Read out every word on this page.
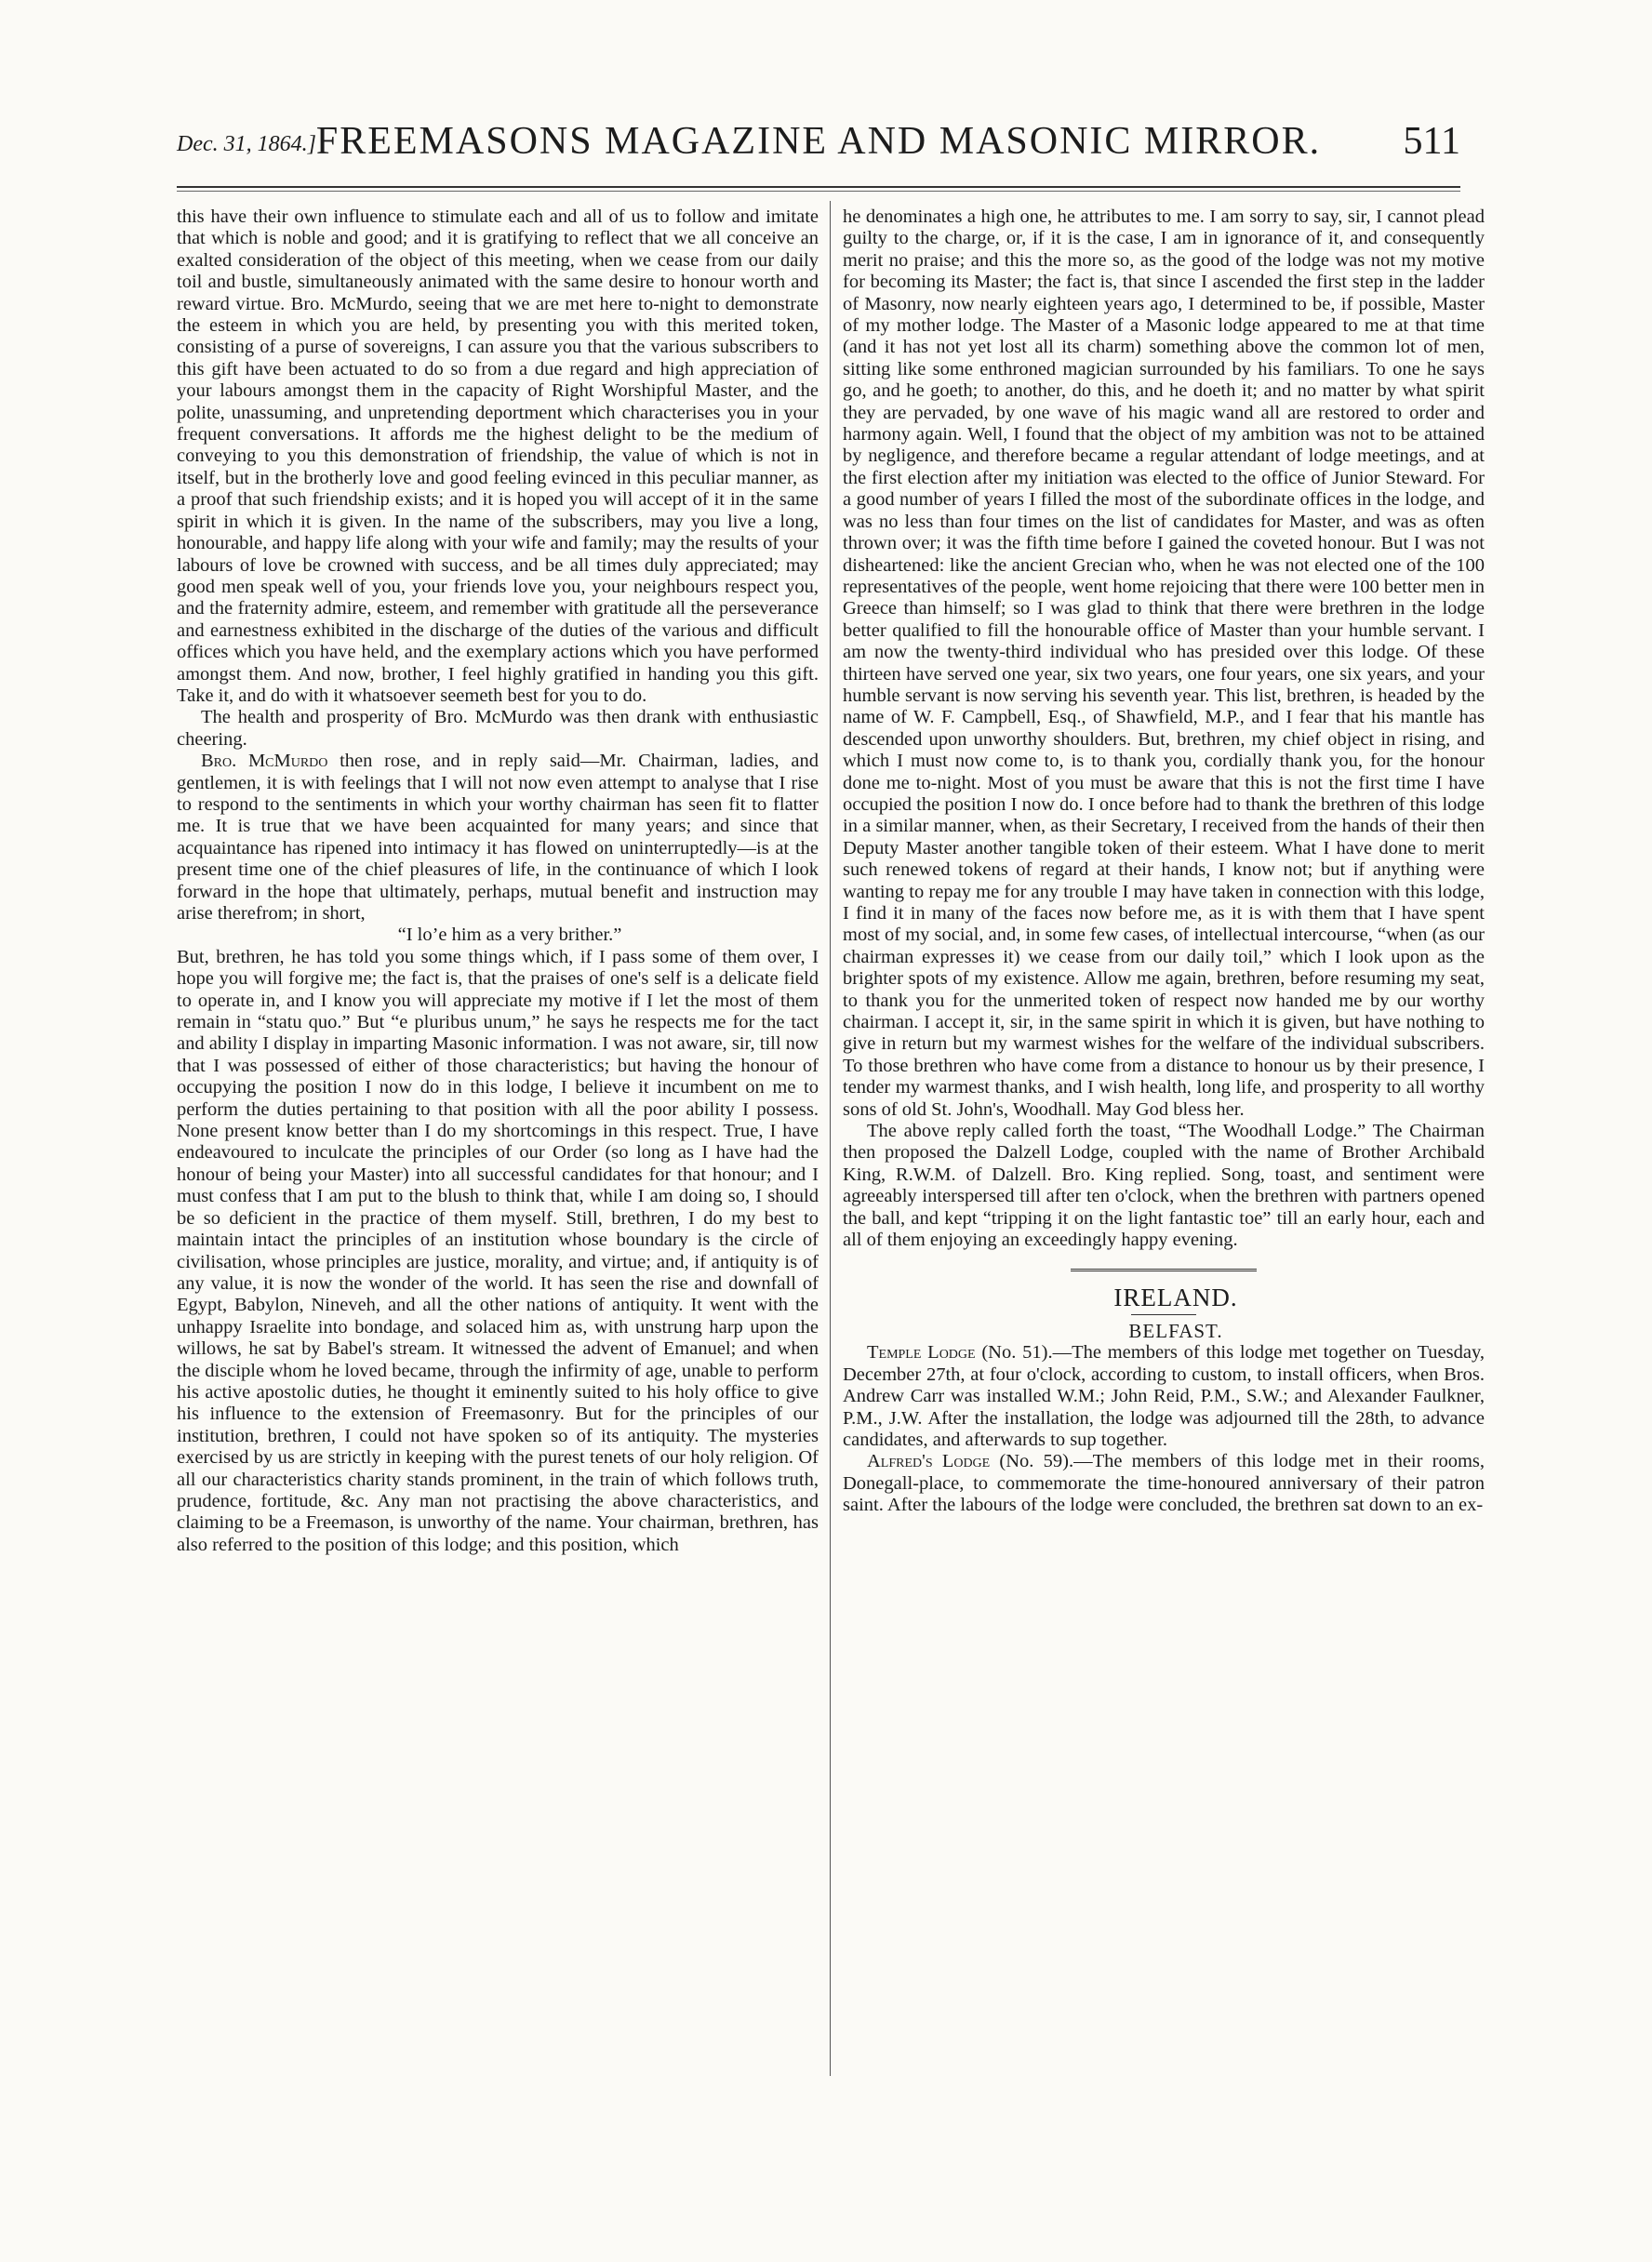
Dec. 31, 1864.] FREEMASONS MAGAZINE AND MASONIC MIRROR.	511

this have their own influence to stimulate each and all of us to follow and imitate that which is noble and good; and it is gratifying to reflect that we all conceive an exalted consideration of the object of this meeting, when we cease from our daily toil and bustle, simultaneously animated with the same desire to honour worth and reward virtue. Bro. McMurdo, seeing that we are met here to-night to demonstrate the esteem in which you are held, by presenting you with this merited token, consisting of a purse of sovereigns, I can assure you that the various subscribers to this gift have been actuated to do so from a due regard and high appreciation of your labours amongst them in the capacity of Right Worshipful Master, and the polite, unassuming, and unpretending deportment which characterises you in your frequent conversations. It affords me the highest delight to be the medium of conveying to you this demonstration of friendship, the value of which is not in itself, but in the brotherly love and good feeling evinced in this peculiar manner, as a proof that such friendship exists; and it is hoped you will accept of it in the same spirit in which it is given. In the name of the subscribers, may you live a long, honourable, and happy life along with your wife and family; may the results of your labours of love be crowned with success, and be all times duly appreciated; may good men speak well of you, your friends love you, your neighbours respect you, and the fraternity admire, esteem, and remember with gratitude all the perseverance and earnestness exhibited in the discharge of the duties of the various and difficult offices which you have held, and the exemplary actions which you have performed amongst them. And now, brother, I feel highly gratified in handing you this gift. Take it, and do with it whatsoever seemeth best for you to do.

The health and prosperity of Bro. McMurdo was then drank with enthusiastic cheering.

Bro. McMurdo then rose, and in reply said—Mr. Chairman, ladies, and gentlemen, it is with feelings that I will not now even attempt to analyse that I rise to respond to the sentiments in which your worthy chairman has seen fit to flatter me. It is true that we have been acquainted for many years; and since that acquaintance has ripened into intimacy it has flowed on uninterruptedly—is at the present time one of the chief pleasures of life, in the continuance of which I look forward in the hope that ultimately, perhaps, mutual benefit and instruction may arise therefrom; in short,

“I lo’e him as a very brither.”

But, brethren, he has told you some things which, if I pass some of them over, I hope you will forgive me; the fact is, that the praises of one's self is a delicate field to operate in, and I know you will appreciate my motive if I let the most of them remain in “statu quo.” But “e pluribus unum,” he says he respects me for the tact and ability I display in imparting Masonic information. I was not aware, sir, till now that I was possessed of either of those characteristics; but having the honour of occupying the position I now do in this lodge, I believe it incumbent on me to perform the duties pertaining to that position with all the poor ability I possess. None present know better than I do my shortcomings in this respect. True, I have endeavoured to inculcate the principles of our Order (so long as I have had the honour of being your Master) into all successful candidates for that honour; and I must confess that I am put to the blush to think that, while I am doing so, I should be so deficient in the practice of them myself. Still, brethren, I do my best to maintain intact the principles of an institution whose boundary is the circle of civilisation, whose principles are justice, morality, and virtue; and, if antiquity is of any value, it is now the wonder of the world. It has seen the rise and downfall of Egypt, Babylon, Nineveh, and all the other nations of antiquity. It went with the unhappy Israelite into bondage, and solaced him as, with unstrung harp upon the willows, he sat by Babel's stream. It witnessed the advent of Emanuel; and when the disciple whom he loved became, through the infirmity of age, unable to perform his active apostolic duties, he thought it eminently suited to his holy office to give his influence to the extension of Freemasonry. But for the principles of our institution, brethren, I could not have spoken so of its antiquity. The mysteries exercised by us are strictly in keeping with the purest tenets of our holy religion. Of all our characteristics charity stands prominent, in the train of which follows truth, prudence, fortitude, &c. Any man not practising the above characteristics, and claiming to be a Freemason, is unworthy of the name. Your chairman, brethren, has also referred to the position of this lodge; and this position, which

he denominates a high one, he attributes to me. I am sorry to say, sir, I cannot plead guilty to the charge, or, if it is the case, I am in ignorance of it, and consequently merit no praise; and this the more so, as the good of the lodge was not my motive for becoming its Master; the fact is, that since I ascended the first step in the ladder of Masonry, now nearly eighteen years ago, I determined to be, if possible, Master of my mother lodge. The Master of a Masonic lodge appeared to me at that time (and it has not yet lost all its charm) something above the common lot of men, sitting like some enthroned magician surrounded by his familiars. To one he says go, and he goeth; to another, do this, and he doeth it; and no matter by what spirit they are pervaded, by one wave of his magic wand all are restored to order and harmony again. Well, I found that the object of my ambition was not to be attained by negligence, and therefore became a regular attendant of lodge meetings, and at the first election after my initiation was elected to the office of Junior Steward. For a good number of years I filled the most of the subordinate offices in the lodge, and was no less than four times on the list of candidates for Master, and was as often thrown over; it was the fifth time before I gained the coveted honour. But I was not disheartened: like the ancient Grecian who, when he was not elected one of the 100 representatives of the people, went home rejoicing that there were 100 better men in Greece than himself; so I was glad to think that there were brethren in the lodge better qualified to fill the honourable office of Master than your humble servant. I am now the twenty-third individual who has presided over this lodge. Of these thirteen have served one year, six two years, one four years, one six years, and your humble servant is now serving his seventh year. This list, brethren, is headed by the name of W. F. Campbell, Esq., of Shawfield, M.P., and I fear that his mantle has descended upon unworthy shoulders. But, brethren, my chief object in rising, and which I must now come to, is to thank you, cordially thank you, for the honour done me to-night. Most of you must be aware that this is not the first time I have occupied the position I now do. I once before had to thank the brethren of this lodge in a similar manner, when, as their Secretary, I received from the hands of their then Deputy Master another tangible token of their esteem. What I have done to merit such renewed tokens of regard at their hands, I know not; but if anything were wanting to repay me for any trouble I may have taken in connection with this lodge, I find it in many of the faces now before me, as it is with them that I have spent most of my social, and, in some few cases, of intellectual intercourse, “when (as our chairman expresses it) we cease from our daily toil,” which I look upon as the brighter spots of my existence. Allow me again, brethren, before resuming my seat, to thank you for the unmerited token of respect now handed me by our worthy chairman. I accept it, sir, in the same spirit in which it is given, but have nothing to give in return but my warmest wishes for the welfare of the individual subscribers. To those brethren who have come from a distance to honour us by their presence, I tender my warmest thanks, and I wish health, long life, and prosperity to all worthy sons of old St. John's, Woodhall. May God bless her.

The above reply called forth the toast, “The Woodhall Lodge.” The Chairman then proposed the Dalzell Lodge, coupled with the name of Brother Archibald King, R.W.M. of Dalzell. Bro. King replied. Song, toast, and sentiment were agreeably interspersed till after ten o'clock, when the brethren with partners opened the ball, and kept “tripping it on the light fantastic toe” till an early hour, each and all of them enjoying an exceedingly happy evening.

IRELAND.

BELFAST.

Temple Lodge (No. 51).—The members of this lodge met together on Tuesday, December 27th, at four o'clock, according to custom, to install officers, when Bros. Andrew Carr was installed W.M.; John Reid, P.M., S.W.; and Alexander Faulkner, P.M., J.W. After the installation, the lodge was adjourned till the 28th, to advance candidates, and afterwards to sup together.

Alfred's Lodge (No. 59).—The members of this lodge met in their rooms, Donegall-place, to commemorate the time-honoured anniversary of their patron saint. After the labours of the lodge were concluded, the brethren sat down to an ex-
